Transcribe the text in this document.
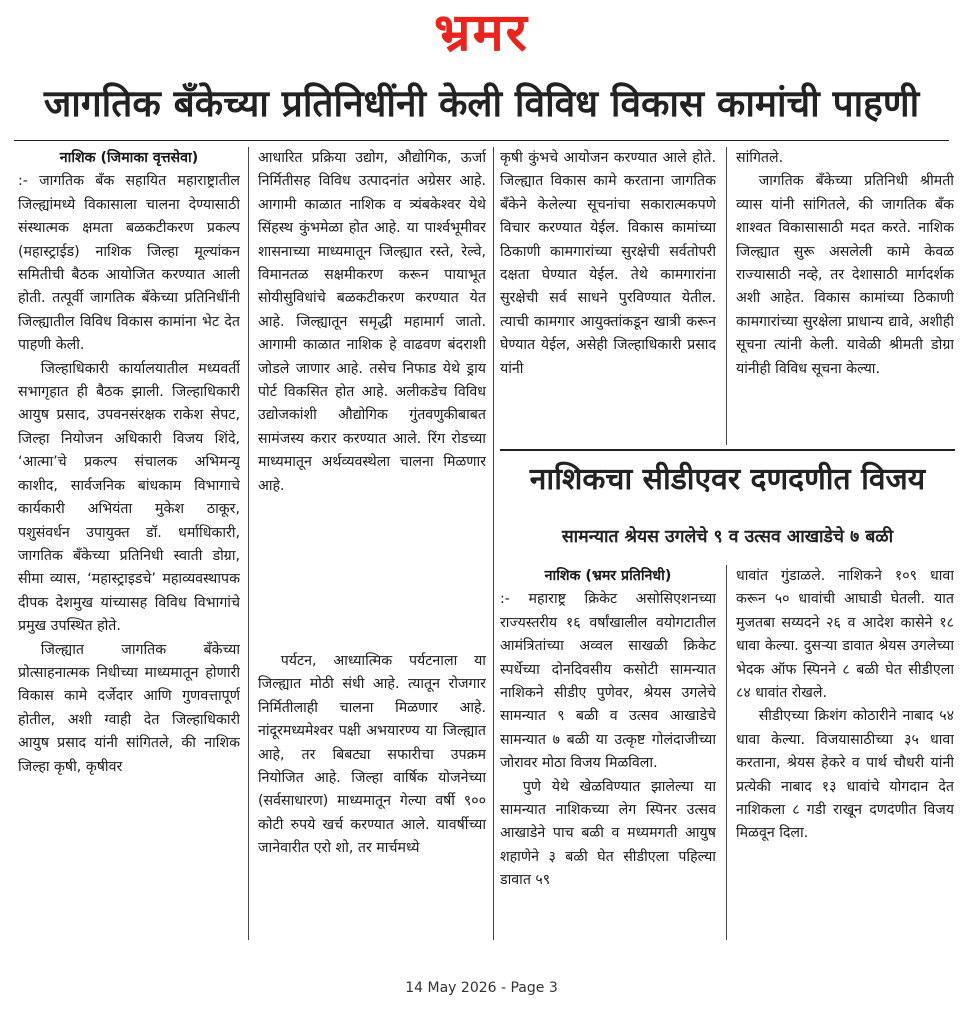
भ्रमर
जागतिक बँकेच्या प्रतिनिधींनी केली विविध विकास कामांची पाहणी
नाशिक (जिमाका वृत्तसेवा)

:- जागतिक बँक सहायित महाराष्ट्रातील जिल्ह्यांमध्ये विकासाला चालना देण्यासाठी संस्थात्मक क्षमता बळकटीकरण प्रकल्प (महास्ट्राईड) नाशिक जिल्हा मूल्यांकन समितीची बैठक आयोजित करण्यात आली होती. तत्पूर्वी जागतिक बँकेच्या प्रतिनिधींनी जिल्ह्यातील विविध विकास कामांना भेट देत पाहणी केली.

जिल्हाधिकारी कार्यालयातील मध्यवर्ती सभागृहात ही बैठक झाली. जिल्हाधिकारी आयुष प्रसाद, उपवनसंरक्षक राकेश सेपट, जिल्हा नियोजन अधिकारी विजय शिंदे, ‘आत्मा’चे प्रकल्प संचालक अभिमन्यू काशीद, सार्वजनिक बांधकाम विभागाचे कार्यकारी अभियंता मुकेश ठाकूर, पशुसंवर्धन उपायुक्त डॉ. धर्माधिकारी, जागतिक बँकेच्या प्रतिनिधी स्वाती डोग्रा, सीमा व्यास, ‘महास्ट्राइडचे’ महाव्यवस्थापक दीपक देशमुख यांच्यासह विविध विभागांचे प्रमुख उपस्थित होते.

जिल्ह्यात जागतिक बँकेच्या प्रोत्साहनात्मक निधीच्या माध्यमातून होणारी विकास कामे दर्जेदार आणि गुणवत्तापूर्ण होतील, अशी ग्वाही देत जिल्हाधिकारी आयुष प्रसाद यांनी सांगितले, की नाशिक जिल्हा कृषी, कृषीवर

आधारित प्रक्रिया उद्योग, औद्योगिक, ऊर्जा निर्मितीसह विविध उत्पादनांत अग्रेसर आहे. आगामी काळात नाशिक व त्र्यंबकेश्वर येथे सिंहस्थ कुंभमेळा होत आहे. या पार्श्वभूमीवर शासनाच्या माध्यमातून जिल्ह्यात रस्ते, रेल्वे, विमानतळ सक्षमीकरण करून पायाभूत सोयीसुविधांचे बळकटीकरण करण्यात येत आहे. जिल्ह्यातून समृद्धी महामार्ग जातो. आगामी काळात नाशिक हे वाढवण बंदराशी जोडले जाणार आहे. तसेच निफाड येथे ड्राय पोर्ट विकसित होत आहे. अलीकडेच विविध उद्योजकांशी औद्योगिक गुंतवणुकीबाबत सामंजस्य करार करण्यात आले. रिंग रोडच्या माध्यमातून अर्थव्यवस्थेला चालना मिळणार आहे.

पर्यटन, आध्यात्मिक पर्यटनाला या जिल्ह्यात मोठी संधी आहे. त्यातून रोजगार निर्मितीलाही चालना मिळणार आहे. नांदूरमध्यमेश्वर पक्षी अभयारण्य या जिल्ह्यात आहे, तर बिबट्या सफारीचा उपक्रम नियोजित आहे. जिल्हा वार्षिक योजनेच्या (सर्वसाधारण) माध्यमातून गेल्या वर्षी ९०० कोटी रुपये खर्च करण्यात आले. यावर्षीच्या जानेवारीत एरो शो, तर मार्चमध्ये

कृषी कुंभचे आयोजन करण्यात आले होते. जिल्ह्यात विकास कामे करताना जागतिक बँकेने केलेल्या सूचनांचा सकारात्मकपणे विचार करण्यात येईल. विकास कामांच्या ठिकाणी कामगारांच्या सुरक्षेची सर्वतोपरी दक्षता घेण्यात येईल. तेथे कामगारांना सुरक्षेची सर्व साधने पुरविण्यात येतील. त्याची कामगार आयुक्तांकडून खात्री करून घेण्यात येईल, असेही जिल्हाधिकारी प्रसाद यांनी

सांगितले.

जागतिक बँकेच्या प्रतिनिधी श्रीमती व्यास यांनी सांगितले, की जागतिक बँक शाश्वत विकासासाठी मदत करते. नाशिक जिल्ह्यात सुरू असलेली कामे केवळ राज्यासाठी नव्हे, तर देशासाठी मार्गदर्शक अशी आहेत. विकास कामांच्या ठिकाणी कामगारांच्या सुरक्षेला प्राधान्य द्यावे, अशीही सूचना त्यांनी केली. यावेळी श्रीमती डोग्रा यांनीही विविध सूचना केल्या.

नाशिकचा सीडीएवर दणदणीत विजय
सामन्यात श्रेयस उगलेचे ९ व उत्सव आखाडेचे ७ बळी
नाशिक (भ्रमर प्रतिनिधी)

:- महाराष्ट्र क्रिकेट असोसिएशनच्या राज्यस्तरीय १६ वर्षांखालील वयोगटातील आमंत्रितांच्या अव्वल साखळी क्रिकेट स्पर्धेच्या दोनदिवसीय कसोटी सामन्यात नाशिकने सीडीए पुणेवर, श्रेयस उगलेचे सामन्यात ९ बळी व उत्सव आखाडेचे सामन्यात ७ बळी या उत्कृष्ट गोलंदाजीच्या जोरावर मोठा विजय मिळविला.

पुणे येथे खेळविण्यात झालेल्या या सामन्यात नाशिकच्या लेग स्पिनर उत्सव आखाडेने पाच बळी व मध्यमगती आयुष शहाणेने ३ बळी घेत सीडीएला पहिल्या डावात ५९

धावांत गुंडाळले. नाशिकने १०९ धावा करून ५० धावांची आघाडी घेतली. यात मुजतबा सय्यदने २६ व आदेश कासेने १८ धावा केल्या. दुसऱ्या डावात श्रेयस उगलेच्या भेदक ऑफ स्पिनने ८ बळी घेत सीडीएला ८४ धावांत रोखले.

सीडीएच्या क्रिशंग कोठारीने नाबाद ५४ धावा केल्या. विजयासाठीच्या ३५ धावा करताना, श्रेयस हेकरे व पार्थ चौधरी यांनी प्रत्येकी नाबाद १३ धावांचे योगदान देत नाशिकला ८ गडी राखून दणदणीत विजय मिळवून दिला.

14 May 2026 - Page 3
